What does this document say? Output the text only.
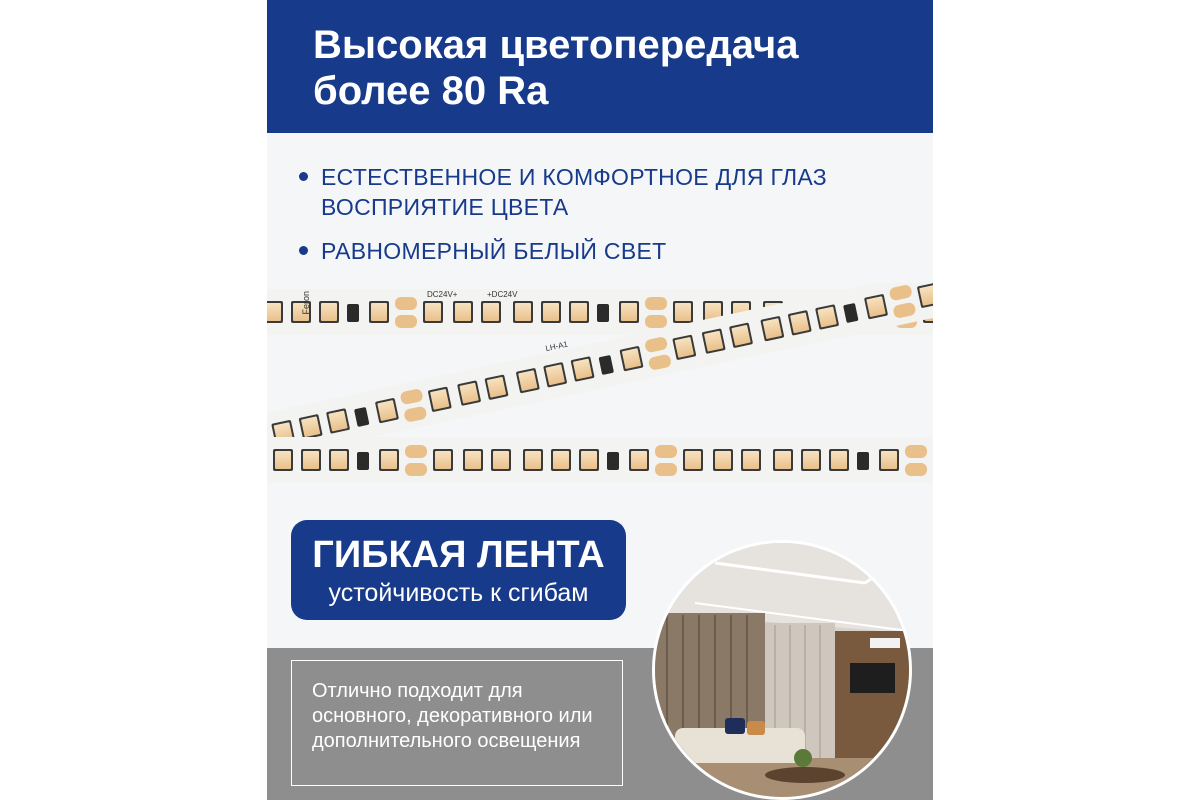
Высокая цветопередача более 80 Ra
ЕСТЕСТВЕННОЕ И КОМФОРТНОЕ ДЛЯ ГЛАЗ ВОСПРИЯТИЕ ЦВЕТА
РАВНОМЕРНЫЙ БЕЛЫЙ СВЕТ
Feron	DC24V+	+DC24V
LH-A1

ГИБКАЯ ЛЕНТА

устойчивость к сгибам

Отлично подходит для основного, декоративного или дополнительного освещения
